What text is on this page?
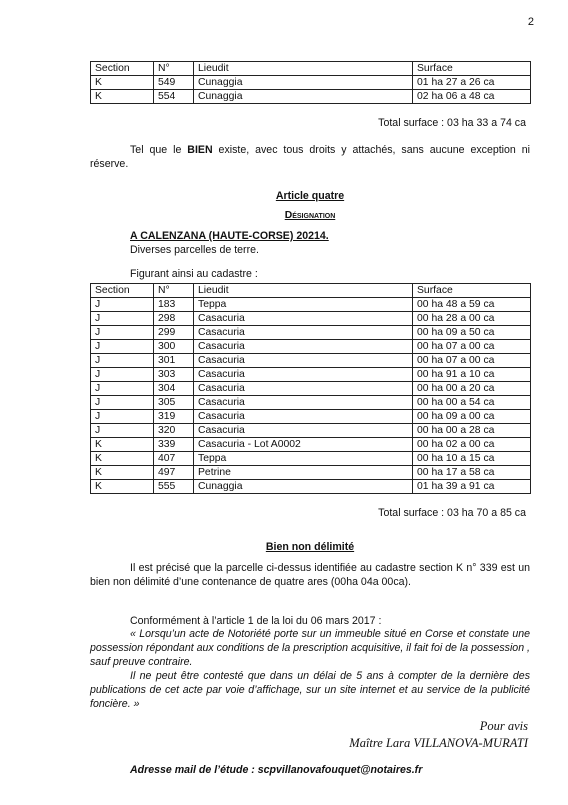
2
Section	N°	Lieudit	Surface
K	549	Cunaggia	01 ha 27 a 26 ca
K	554	Cunaggia	02 ha 06 a 48 ca
Total surface : 03 ha 33 a 74 ca
Tel que le BIEN existe, avec tous droits y attachés, sans aucune exception ni réserve.
Article quatre
Désignation
A CALENZANA (HAUTE-CORSE) 20214.
Diverses parcelles de terre.
Figurant ainsi au cadastre :
Section	N°	Lieudit	Surface
J	183	Teppa	00 ha 48 a 59 ca
J	298	Casacuria	00 ha 28 a 00 ca
J	299	Casacuria	00 ha 09 a 50 ca
J	300	Casacuria	00 ha 07 a 00 ca
J	301	Casacuria	00 ha 07 a 00 ca
J	303	Casacuria	00 ha 91 a 10 ca
J	304	Casacuria	00 ha 00 a 20 ca
J	305	Casacuria	00 ha 00 a 54 ca
J	319	Casacuria	00 ha 09 a 00 ca
J	320	Casacuria	00 ha 00 a 28 ca
K	339	Casacuria - Lot A0002	00 ha 02 a 00 ca
K	407	Teppa	00 ha 10 a 15 ca
K	497	Petrine	00 ha 17 a 58 ca
K	555	Cunaggia	01 ha 39 a 91 ca
Total surface : 03 ha 70 a 85 ca
Bien non délimité
Il est précisé que la parcelle ci-dessus identifiée au cadastre section K n° 339 est un bien non délimité d’une contenance de quatre ares (00ha 04a 00ca).
Conformément à l’article 1 de la loi du 06 mars 2017 :
« Lorsqu’un acte de Notoriété porte sur un immeuble situé en Corse et constate une possession répondant aux conditions de la prescription acquisitive, il fait foi de la possession , sauf preuve contraire.
Il ne peut être contesté que dans un délai de 5 ans à compter de la dernière des publications de cet acte par voie d’affichage, sur un site internet et au service de la publicité foncière. »
Pour avis
Maître Lara VILLANOVA-MURATI
Adresse mail de l’étude : scpvillanovafouquet@notaires.fr
